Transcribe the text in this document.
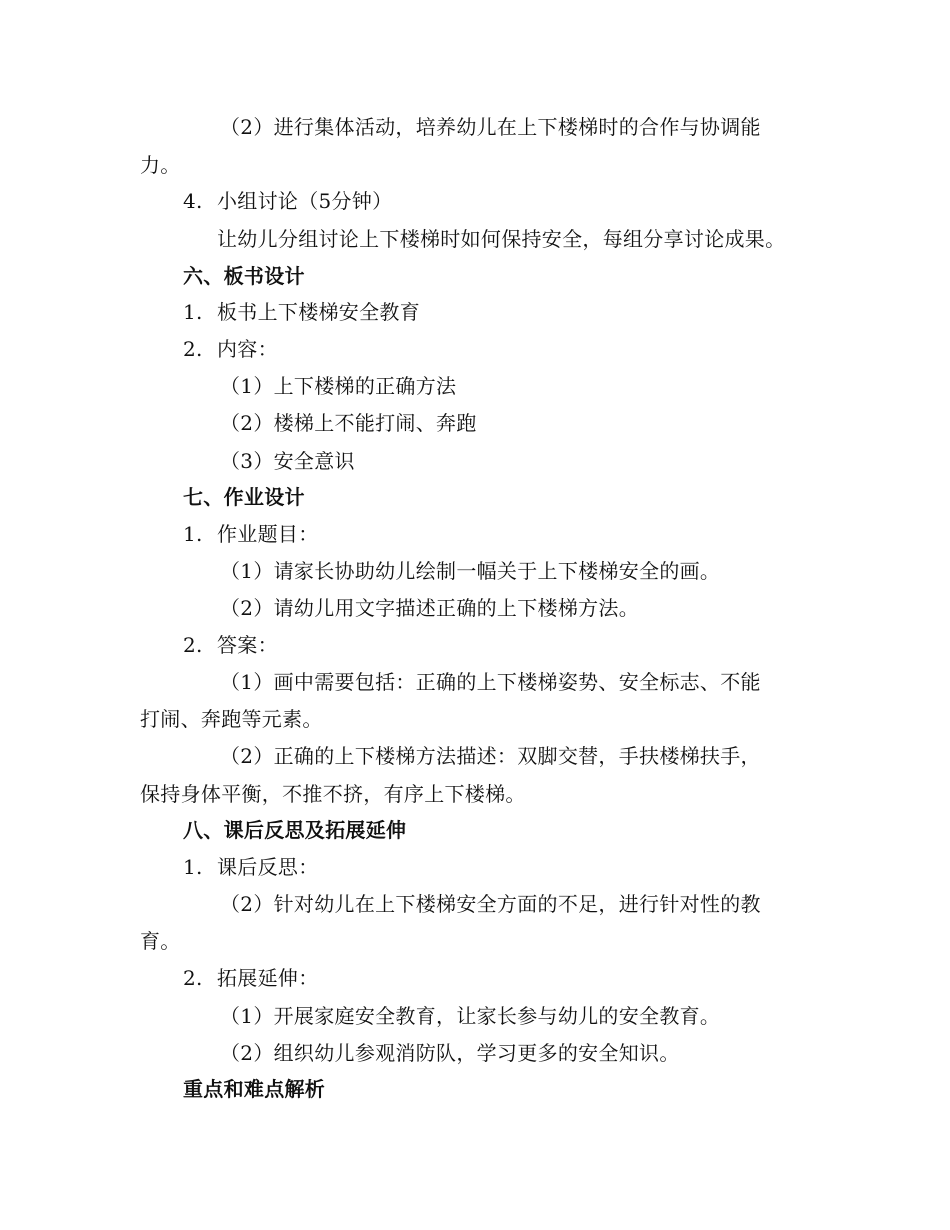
（2）进行集体活动，培养幼儿在上下楼梯时的合作与协调能
力。
4. 小组讨论（5分钟）
让幼儿分组讨论上下楼梯时如何保持安全，每组分享讨论成果。
六、板书设计
1. 板书上下楼梯安全教育
2. 内容：
（1）上下楼梯的正确方法
（2）楼梯上不能打闹、奔跑
（3）安全意识
七、作业设计
1. 作业题目：
（1）请家长协助幼儿绘制一幅关于上下楼梯安全的画。
（2）请幼儿用文字描述正确的上下楼梯方法。
2. 答案：
（1）画中需要包括：正确的上下楼梯姿势、安全标志、不能
打闹、奔跑等元素。
（2）正确的上下楼梯方法描述：双脚交替，手扶楼梯扶手，
保持身体平衡，不推不挤，有序上下楼梯。
八、课后反思及拓展延伸
1. 课后反思：
（2）针对幼儿在上下楼梯安全方面的不足，进行针对性的教
育。
2. 拓展延伸：
（1）开展家庭安全教育，让家长参与幼儿的安全教育。
（2）组织幼儿参观消防队，学习更多的安全知识。
重点和难点解析
